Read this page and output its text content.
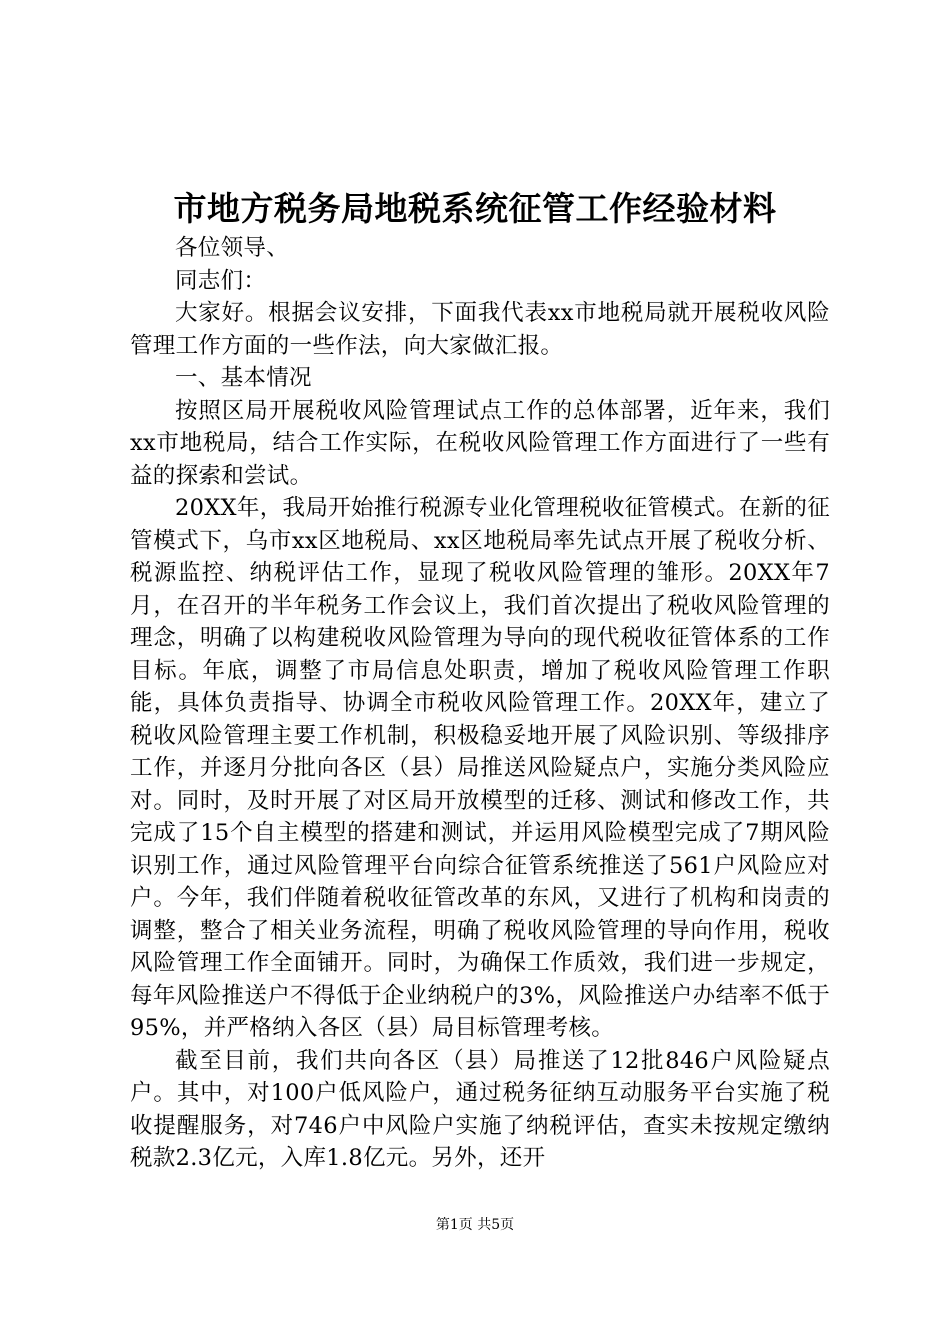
市地方税务局地税系统征管工作经验材料

各位领导、

同志们：

大家好。根据会议安排，下面我代表xx市地税局就开展税收风险管理工作方面的一些作法，向大家做汇报。

一、基本情况

按照区局开展税收风险管理试点工作的总体部署，近年来，我们xx市地税局，结合工作实际，在税收风险管理工作方面进行了一些有益的探索和尝试。

20XX年，我局开始推行税源专业化管理税收征管模式。在新的征管模式下，乌市xx区地税局、xx区地税局率先试点开展了税收分析、税源监控、纳税评估工作，显现了税收风险管理的雏形。20XX年7月，在召开的半年税务工作会议上，我们首次提出了税收风险管理的理念，明确了以构建税收风险管理为导向的现代税收征管体系的工作目标。年底，调整了市局信息处职责，增加了税收风险管理工作职能，具体负责指导、协调全市税收风险管理工作。20XX年，建立了税收风险管理主要工作机制，积极稳妥地开展了风险识别、等级排序工作，并逐月分批向各区（县）局推送风险疑点户，实施分类风险应对。同时，及时开展了对区局开放模型的迁移、测试和修改工作，共完成了15个自主模型的搭建和测试，并运用风险模型完成了7期风险识别工作，通过风险管理平台向综合征管系统推送了561户风险应对户。今年，我们伴随着税收征管改革的东风，又进行了机构和岗责的调整，整合了相关业务流程，明确了税收风险管理的导向作用，税收风险管理工作全面铺开。同时，为确保工作质效，我们进一步规定，每年风险推送户不得低于企业纳税户的3%，风险推送户办结率不低于95%，并严格纳入各区（县）局目标管理考核。

截至目前，我们共向各区（县）局推送了12批846户风险疑点户。其中，对100户低风险户，通过税务征纳互动服务平台实施了税收提醒服务，对746户中风险户实施了纳税评估，查实未按规定缴纳税款2.3亿元，入库1.8亿元。另外，还开

第1页 共5页
